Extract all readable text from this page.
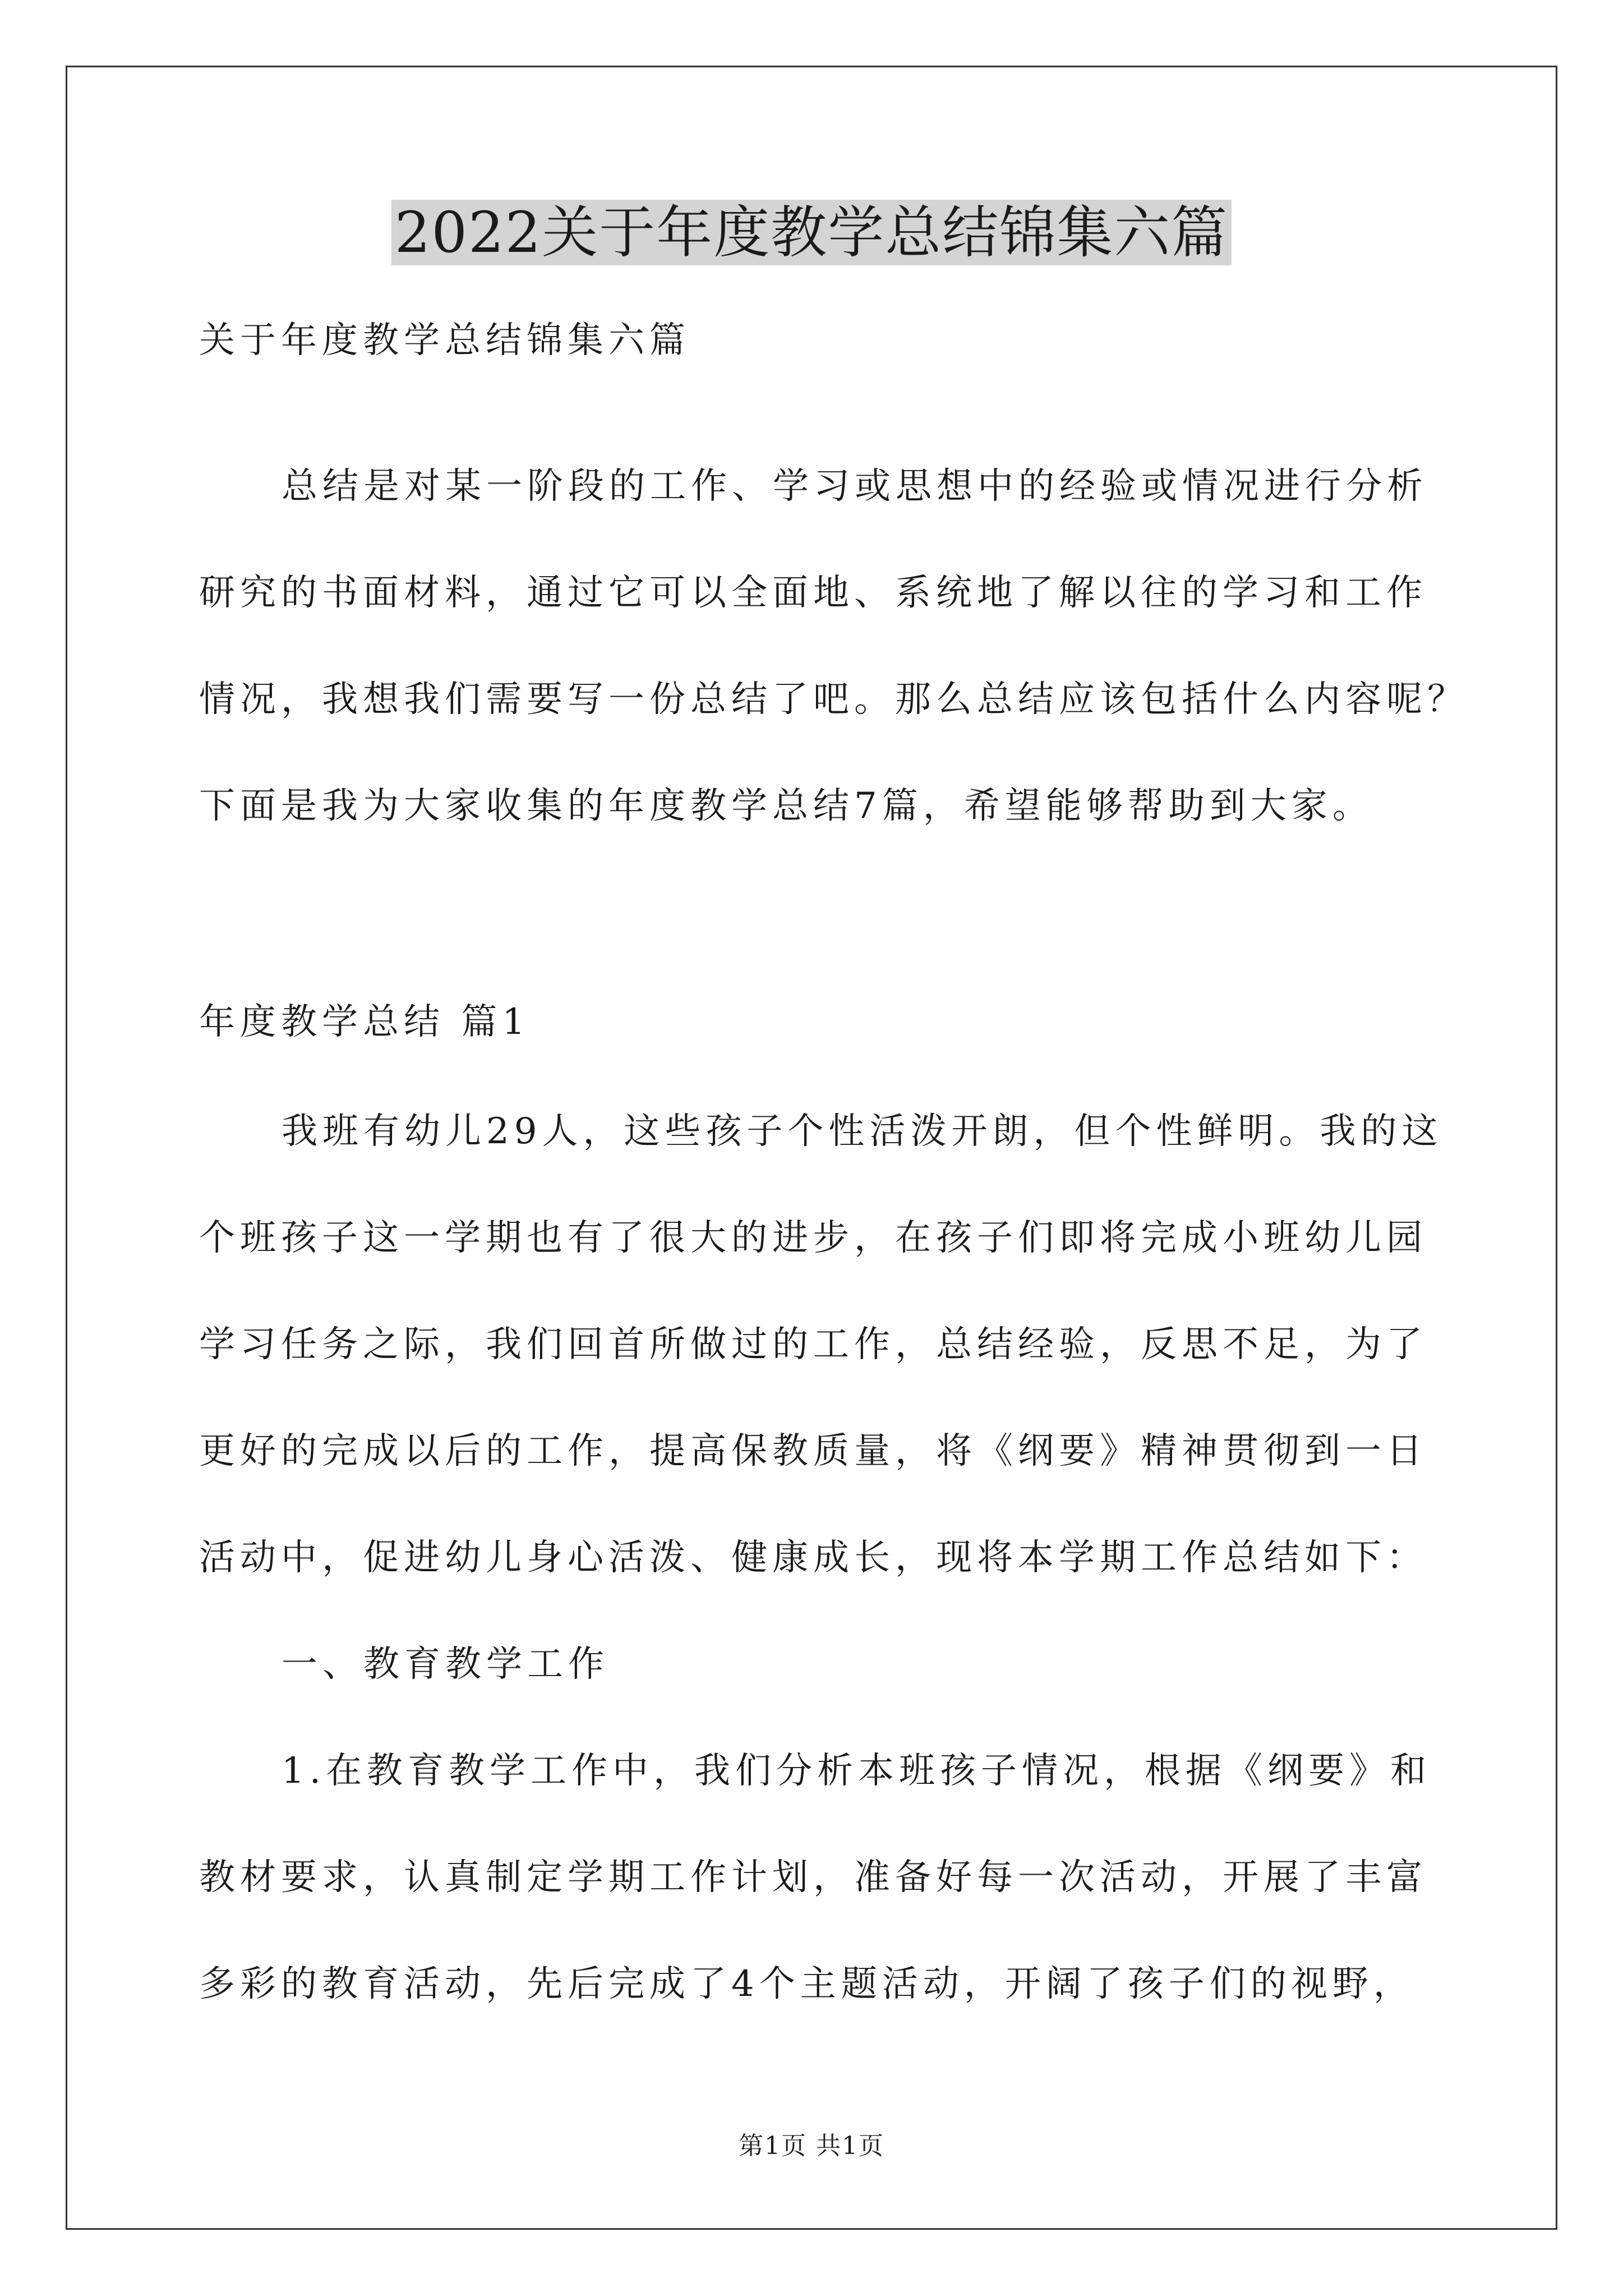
2022关于年度教学总结锦集六篇
关于年度教学总结锦集六篇
总结是对某一阶段的工作、学习或思想中的经验或情况进行分析
研究的书面材料，通过它可以全面地、系统地了解以往的学习和工作
情况，我想我们需要写一份总结了吧。那么总结应该包括什么内容呢？
下面是我为大家收集的年度教学总结7篇，希望能够帮助到大家。
年度教学总结 篇1
我班有幼儿29人，这些孩子个性活泼开朗，但个性鲜明。我的这
个班孩子这一学期也有了很大的进步，在孩子们即将完成小班幼儿园
学习任务之际，我们回首所做过的工作，总结经验，反思不足，为了
更好的完成以后的工作，提高保教质量，将《纲要》精神贯彻到一日
活动中，促进幼儿身心活泼、健康成长，现将本学期工作总结如下：
一、教育教学工作
1.在教育教学工作中，我们分析本班孩子情况，根据《纲要》和
教材要求，认真制定学期工作计划，准备好每一次活动，开展了丰富
多彩的教育活动，先后完成了4个主题活动，开阔了孩子们的视野，
第1页 共1页
